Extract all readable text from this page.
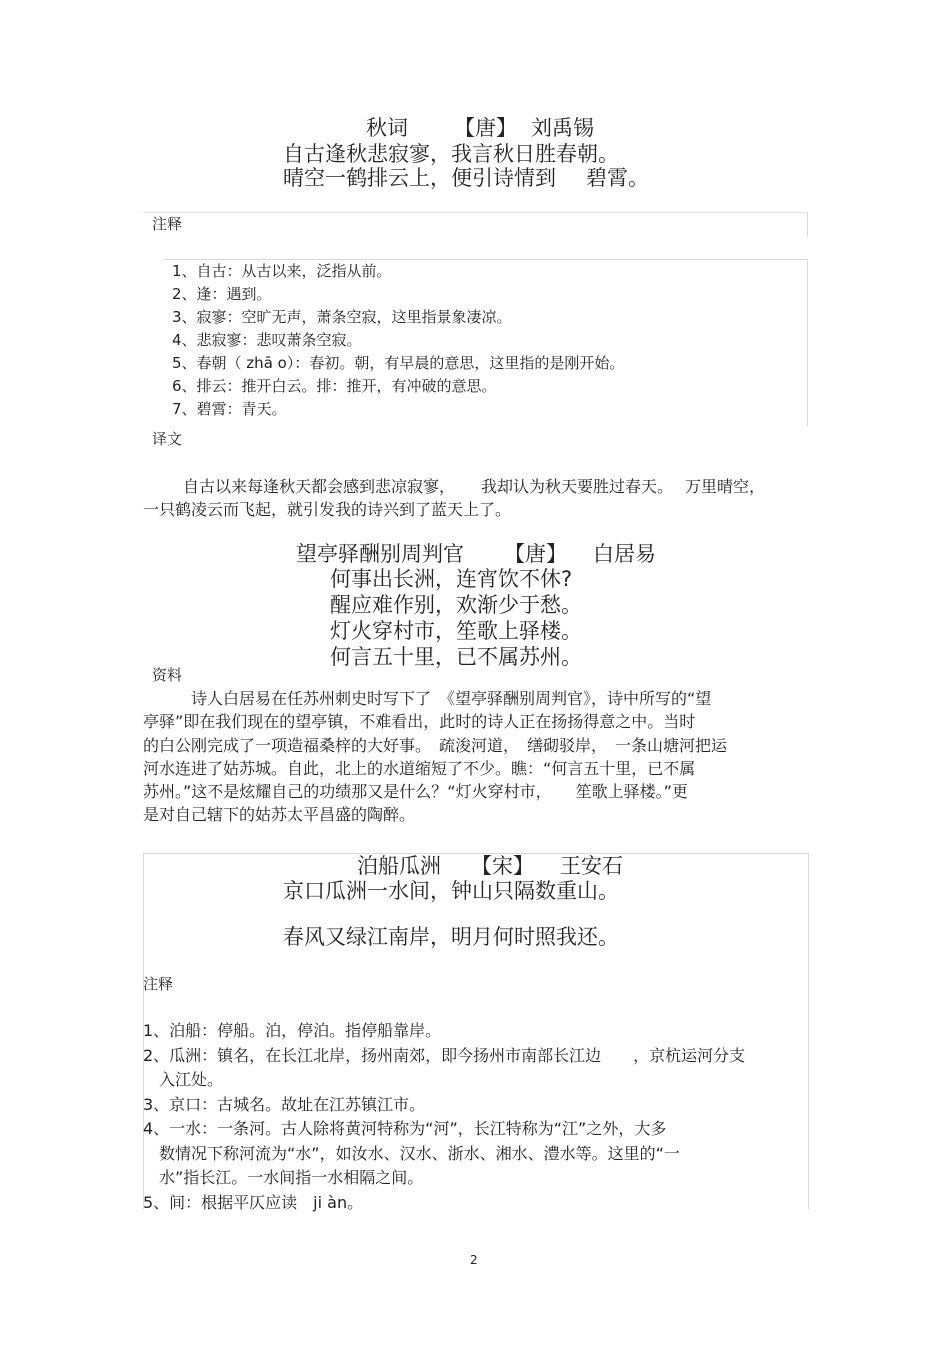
秋词 【唐】 刘禹锡
自古逢秋悲寂寥，我言秋日胜春朝。
晴空一鹤排云上，便引诗情到 碧霄。
注释
1、自古：从古以来，泛指从前。
2、逢：遇到。
3、寂寥：空旷无声，萧条空寂，这里指景象凄凉。
4、悲寂寥：悲叹萧条空寂。
5、春朝（ zhā o）：春初。朝，有早晨的意思，这里指的是刚开始。
6、排云：推开白云。排：推开，有冲破的意思。
7、碧霄：青天。
译文
自古以来每逢秋天都会感到悲凉寂寥， 我却认为秋天要胜过春天。 万里晴空，
一只鹤凌云而飞起，就引发我的诗兴到了蓝天上了。
望亭驿酬别周判官 【唐】 白居易
何事出长洲，连宵饮不休?
醒应难作别，欢渐少于愁。
灯火穿村市，笙歌上驿楼。
何言五十里，已不属苏州。
资料
诗人白居易在任苏州刺史时写下了　《望亭驿酬别周判官》，诗中所写的“望
亭驿”即在我们现在的望亭镇，不难看出，此时的诗人正在扬扬得意之中。当时
的白公刚完成了一项造福桑梓的大好事。　疏浚河道，　缮砌驳岸，　一条山塘河把运
河水连进了姑苏城。自此，北上的水道缩短了不少。瞧：“何言五十里，已不属
苏州。”这不是炫耀自己的功绩那又是什么？“灯火穿村市，　　笙歌上驿楼。”更
是对自己辖下的姑苏太平昌盛的陶醉。
泊船瓜洲 【宋】 王安石
京口瓜洲一水间，钟山只隔数重山。
春风又绿江南岸，明月何时照我还。
注释
1、泊船：停船。泊，停泊。指停船靠岸。
2、瓜洲：镇名，在长江北岸，扬州南郊，即今扬州市南部长江边　　，京杭运河分支
　入江处。
3、京口：古城名。故址在江苏镇江市。
4、一水：一条河。古人除将黄河特称为“河”，长江特称为“江”之外，大多
　数情况下称河流为“水”，如汝水、汉水、浙水、湘水、澧水等。这里的“一
　水”指长江。一水间指一水相隔之间。
5、间：根据平仄应读　ji àn。
2
